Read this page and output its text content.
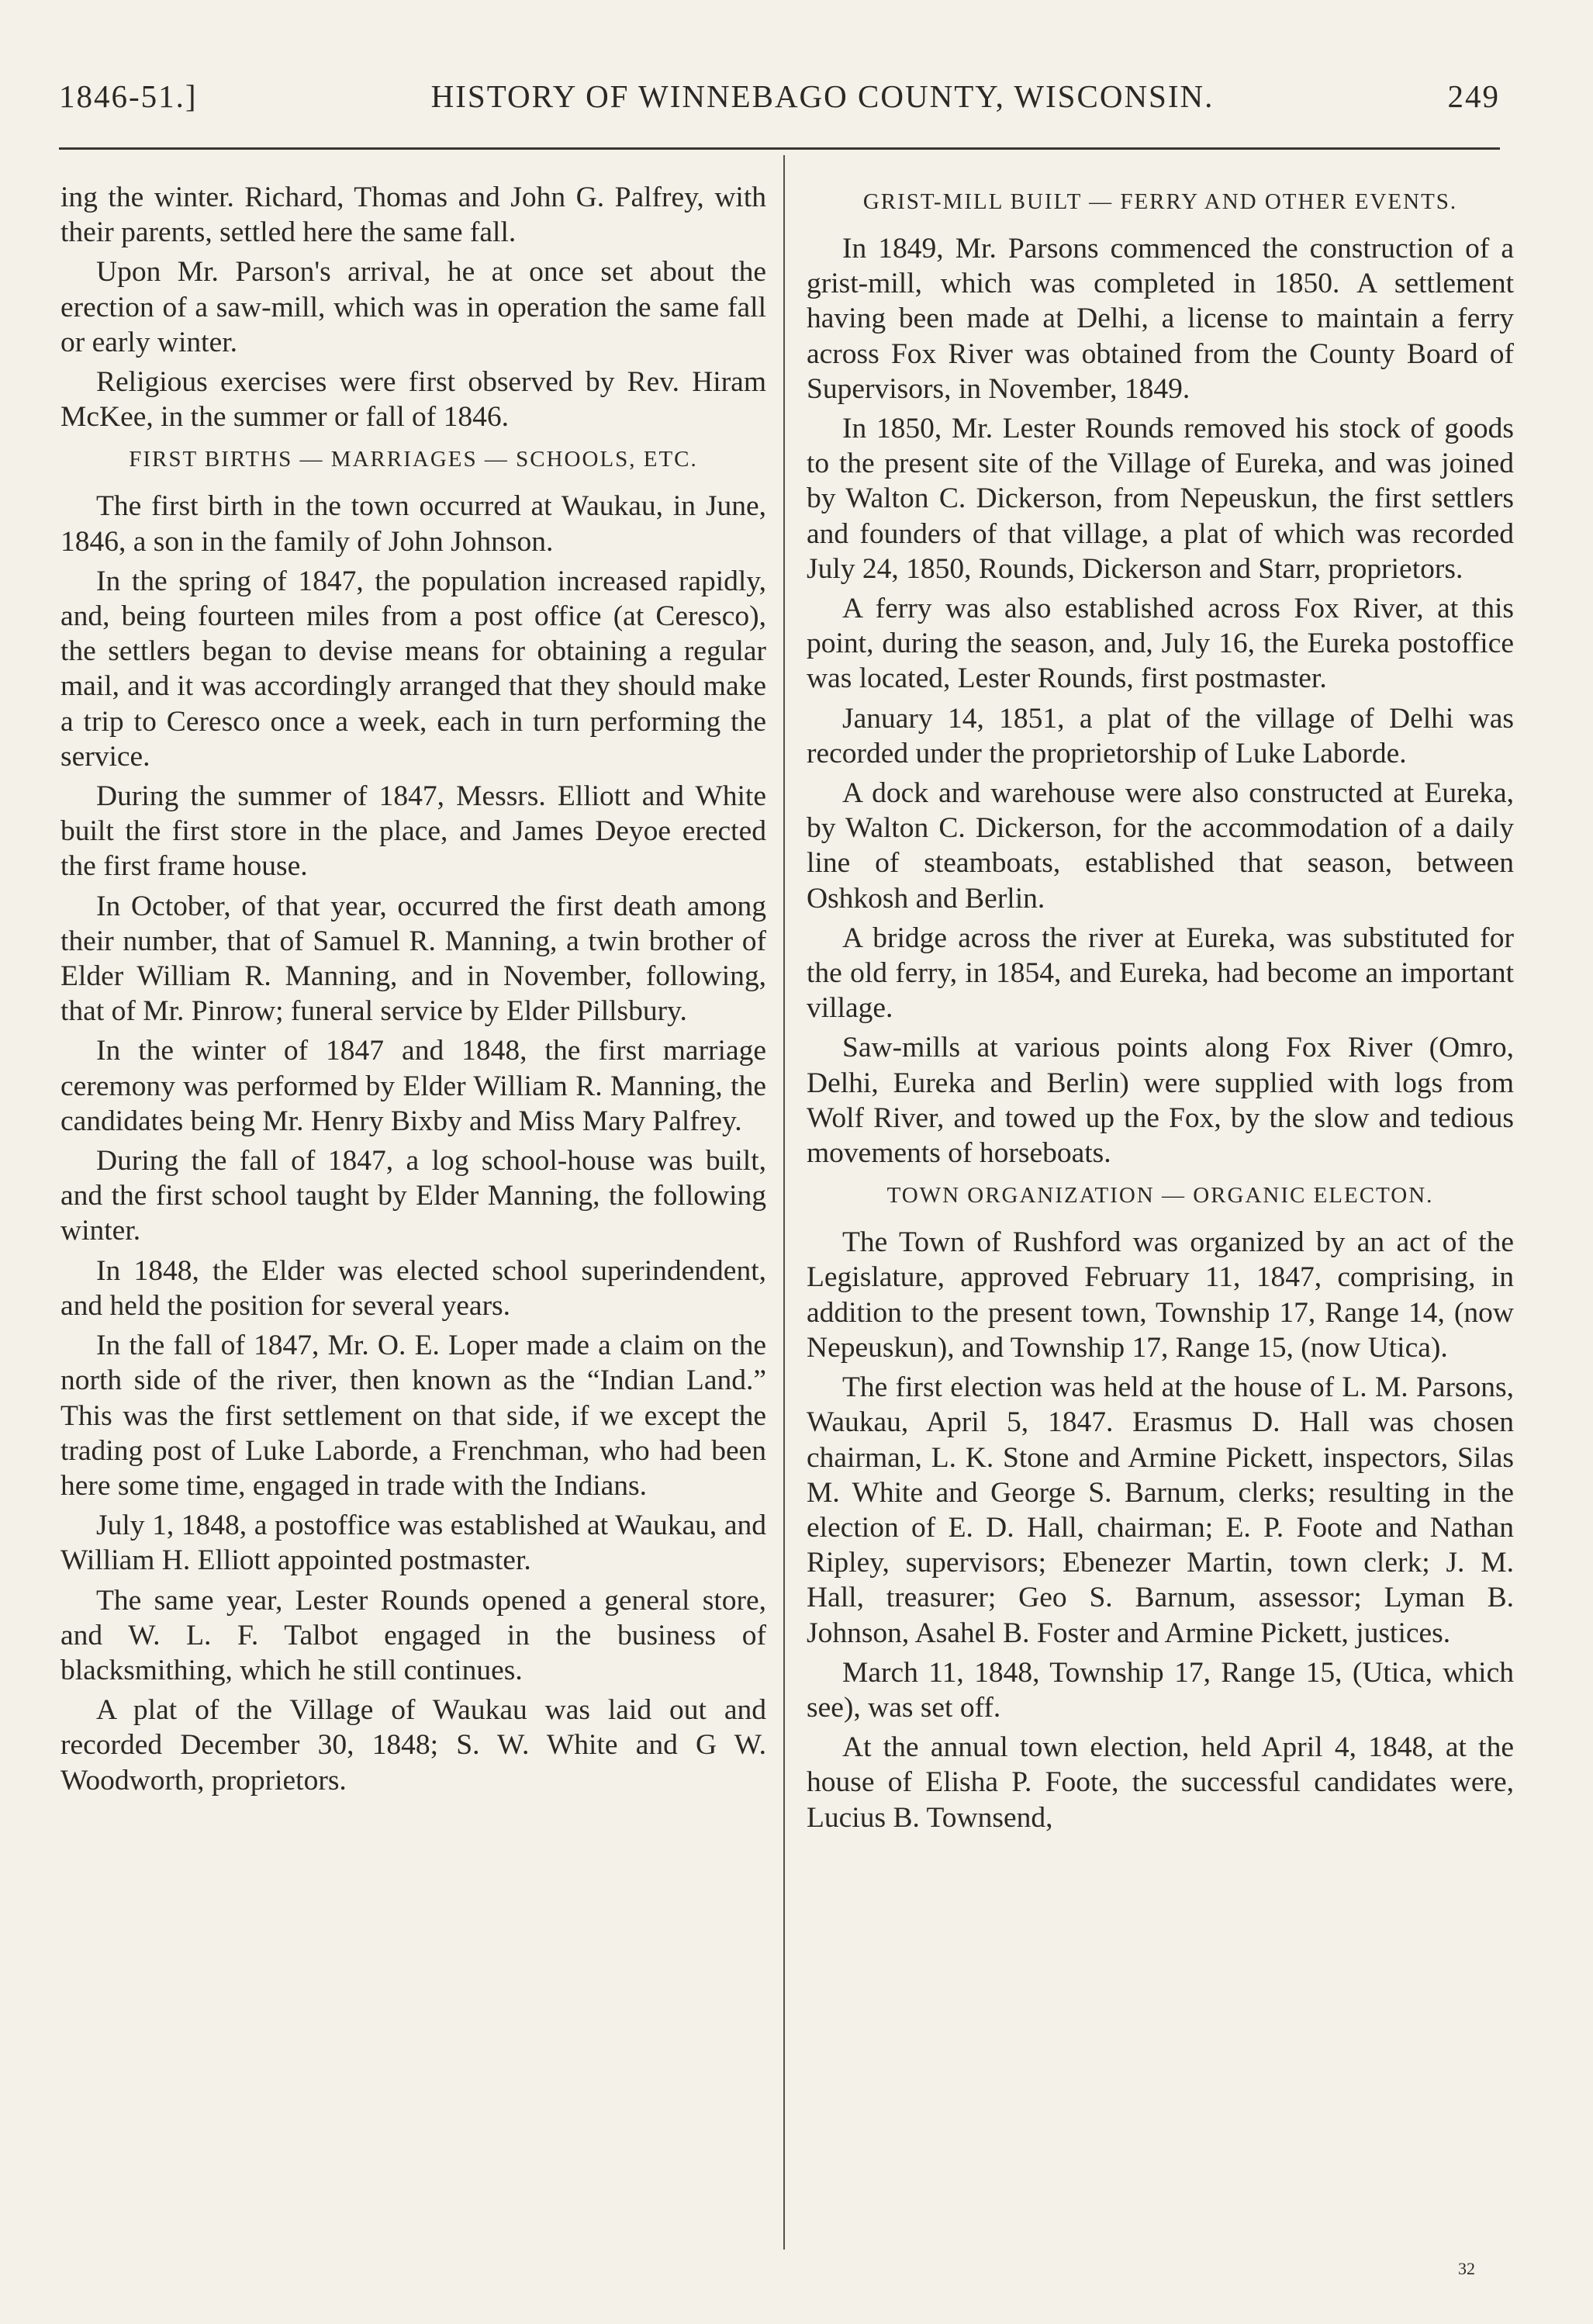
1846-51.]	HISTORY OF WINNEBAGO COUNTY, WISCONSIN.	249

ing the winter. Richard, Thomas and John G. Palfrey, with their parents, settled here the same fall.

Upon Mr. Parson's arrival, he at once set about the erection of a saw-mill, which was in operation the same fall or early winter.

Religious exercises were first observed by Rev. Hiram McKee, in the summer or fall of 1846.

FIRST BIRTHS — MARRIAGES — SCHOOLS, ETC.

The first birth in the town occurred at Waukau, in June, 1846, a son in the family of John Johnson.

In the spring of 1847, the population increased rapidly, and, being fourteen miles from a post office (at Ceresco), the settlers began to devise means for obtaining a regular mail, and it was accordingly arranged that they should make a trip to Ceresco once a week, each in turn performing the service.

During the summer of 1847, Messrs. Elliott and White built the first store in the place, and James Deyoe erected the first frame house.

In October, of that year, occurred the first death among their number, that of Samuel R. Manning, a twin brother of Elder William R. Manning, and in November, following, that of Mr. Pinrow; funeral service by Elder Pillsbury.

In the winter of 1847 and 1848, the first marriage ceremony was performed by Elder William R. Manning, the candidates being Mr. Henry Bixby and Miss Mary Palfrey.

During the fall of 1847, a log school-house was built, and the first school taught by Elder Manning, the following winter.

In 1848, the Elder was elected school superindendent, and held the position for several years.

In the fall of 1847, Mr. O. E. Loper made a claim on the north side of the river, then known as the “Indian Land.” This was the first settlement on that side, if we except the trading post of Luke Laborde, a Frenchman, who had been here some time, engaged in trade with the Indians.

July 1, 1848, a postoffice was established at Waukau, and William H. Elliott appointed postmaster.

The same year, Lester Rounds opened a general store, and W. L. F. Talbot engaged in the business of blacksmithing, which he still continues.

A plat of the Village of Waukau was laid out and recorded December 30, 1848; S. W. White and G W. Woodworth, proprietors.

GRIST-MILL BUILT — FERRY AND OTHER EVENTS.

In 1849, Mr. Parsons commenced the construction of a grist-mill, which was completed in 1850. A settlement having been made at Delhi, a license to maintain a ferry across Fox River was obtained from the County Board of Supervisors, in November, 1849.

In 1850, Mr. Lester Rounds removed his stock of goods to the present site of the Village of Eureka, and was joined by Walton C. Dickerson, from Nepeuskun, the first settlers and founders of that village, a plat of which was recorded July 24, 1850, Rounds, Dickerson and Starr, proprietors.

A ferry was also established across Fox River, at this point, during the season, and, July 16, the Eureka postoffice was located, Lester Rounds, first postmaster.

January 14, 1851, a plat of the village of Delhi was recorded under the proprietorship of Luke Laborde.

A dock and warehouse were also constructed at Eureka, by Walton C. Dickerson, for the accommodation of a daily line of steamboats, established that season, between Oshkosh and Berlin.

A bridge across the river at Eureka, was substituted for the old ferry, in 1854, and Eureka, had become an important village.

Saw-mills at various points along Fox River (Omro, Delhi, Eureka and Berlin) were supplied with logs from Wolf River, and towed up the Fox, by the slow and tedious movements of horseboats.

TOWN ORGANIZATION — ORGANIC ELECTON.

The Town of Rushford was organized by an act of the Legislature, approved February 11, 1847, comprising, in addition to the present town, Township 17, Range 14, (now Nepeuskun), and Township 17, Range 15, (now Utica).

The first election was held at the house of L. M. Parsons, Waukau, April 5, 1847. Erasmus D. Hall was chosen chairman, L. K. Stone and Armine Pickett, inspectors, Silas M. White and George S. Barnum, clerks; resulting in the election of E. D. Hall, chairman; E. P. Foote and Nathan Ripley, supervisors; Ebenezer Martin, town clerk; J. M. Hall, treasurer; Geo S. Barnum, assessor; Lyman B. Johnson, Asahel B. Foster and Armine Pickett, justices.

March 11, 1848, Township 17, Range 15, (Utica, which see), was set off.

At the annual town election, held April 4, 1848, at the house of Elisha P. Foote, the successful candidates were, Lucius B. Townsend,

32
